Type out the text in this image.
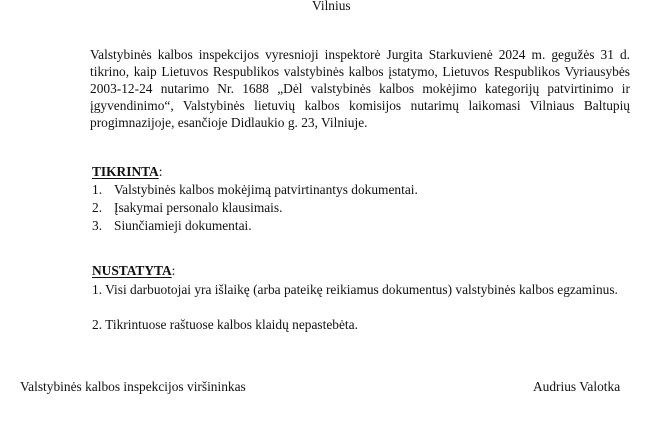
Vilnius
Valstybinės kalbos inspekcijos vyresnioji inspektorė Jurgita Starkuvienė 2024 m. gegužės 31 d. tikrino, kaip Lietuvos Respublikos valstybinės kalbos įstatymo, Lietuvos Respublikos Vyriausybės 2003-12-24 nutarimo Nr. 1688 „Dėl valstybinės kalbos mokėjimo kategorijų patvirtinimo ir įgyvendinimo“, Valstybinės lietuvių kalbos komisijos nutarimų laikomasi Vilniaus Baltupių progimnazijoje, esančioje Didlaukio g. 23, Vilniuje.
TIKRINTA:
1. Valstybinės kalbos mokėjimą patvirtinantys dokumentai.
2. Įsakymai personalo klausimais.
3. Siunčiamieji dokumentai.
NUSTATYTA:
1. Visi darbuotojai yra išlaikę (arba pateikę reikiamus dokumentus) valstybinės kalbos egzaminus.
2. Tikrintuose raštuose kalbos klaidų nepastebėta.
Valstybinės kalbos inspekcijos viršininkas	Audrius Valotka
